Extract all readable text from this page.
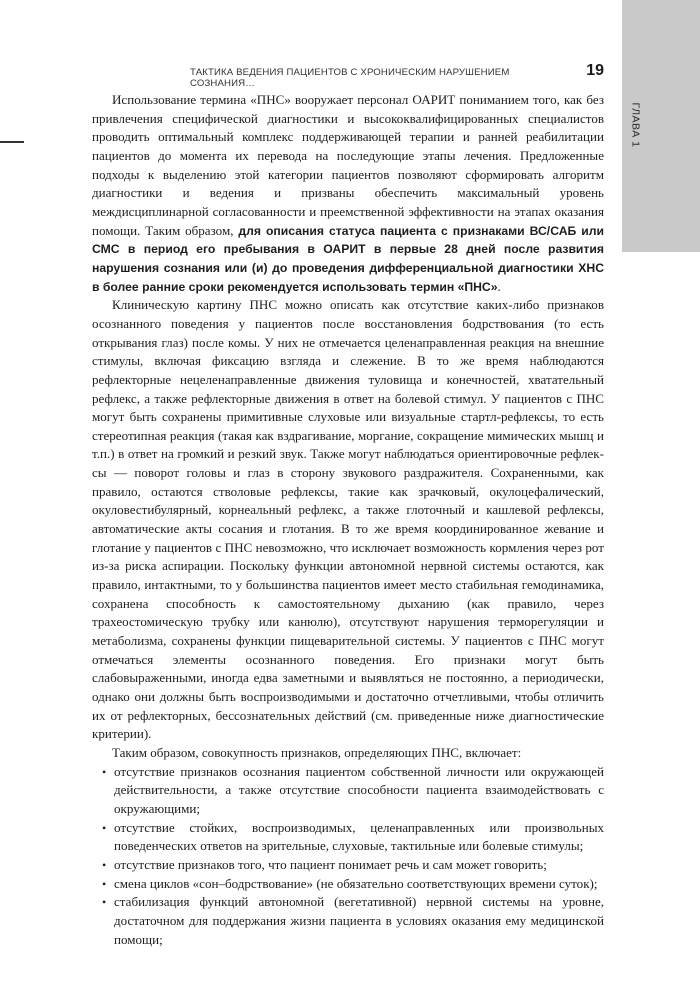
ГЛАВА 1
ТАКТИКА ВЕДЕНИЯ ПАЦИЕНТОВ С ХРОНИЧЕСКИМ НАРУШЕНИЕМ СОЗНАНИЯ…
19

Использование термина «ПНС» вооружает персонал ОАРИТ пониманием того, как без привлечения специфической диагностики и высококвалифицированных специалистов проводить оптимальный комплекс поддерживающей терапии и ранней реабилитации пациентов до момента их перевода на последующие этапы лечения. Предложенные подходы к выделению этой категории пациентов позволяют сформировать алгоритм диагностики и ведения и призваны обеспечить максимальный уровень междисциплинарной согласованности и преемственной эффективности на этапах оказания помощи. Таким образом, для описания статуса пациента с признаками ВС/САБ или СМС в период его пребывания в ОАРИТ в первые 28 дней после развития нарушения сознания или (и) до проведения дифференциальной диагностики ХНС в более ранние сроки рекомендуется использовать термин «ПНС».

Клиническую картину ПНС можно описать как отсутствие каких-либо признаков осознанного поведения у пациентов после восстановления бодрствования (то есть открывания глаз) после комы. У них не отмечается целенаправленная реакция на внешние стимулы, включая фиксацию взгляда и слежение. В то же время наблюдаются рефлекторные нецеленаправленные движения туловища и конечностей, хватательный рефлекс, а также рефлекторные движения в ответ на болевой стимул. У пациентов с ПНС могут быть сохранены примитивные слуховые или визуальные стартл-рефлексы, то есть стереотипная реакция (такая как вздрагивание, моргание, сокращение мимических мышц и т.п.) в ответ на громкий и резкий звук. Также могут наблюдаться ориентировочные рефлексы — поворот головы и глаз в сторону звукового раздражителя. Сохраненными, как правило, остаются стволовые рефлексы, такие как зрачковый, окулоцефалический, окуловестибулярный, корнеальный рефлекс, а также глоточный и кашлевой рефлексы, автоматические акты сосания и глотания. В то же время координированное жевание и глотание у пациентов с ПНС невозможно, что исключает возможность кормления через рот из-за риска аспирации. Поскольку функции автономной нервной системы остаются, как правило, интактными, то у большинства пациентов имеет место стабильная гемодинамика, сохранена способность к самостоятельному дыханию (как правило, через трахеостомическую трубку или канюлю), отсутствуют нарушения терморегуляции и метаболизма, сохранены функции пищеварительной системы. У пациентов с ПНС могут отмечаться элементы осознанного поведения. Его признаки могут быть слабовыраженными, иногда едва заметными и выявляться не постоянно, а периодически, однако они должны быть воспроизводимыми и достаточно отчетливыми, чтобы отличить их от рефлекторных, бессознательных действий (см. приведенные ниже диагностические критерии).

Таким образом, совокупность признаков, определяющих ПНС, включает:

• отсутствие признаков осознания пациентом собственной личности или окружающей действительности, а также отсутствие способности пациента взаимодействовать с окружающими;
• отсутствие стойких, воспроизводимых, целенаправленных или произвольных поведенческих ответов на зрительные, слуховые, тактильные или болевые стимулы;
• отсутствие признаков того, что пациент понимает речь и сам может говорить;
• смена циклов «сон–бодрствование» (не обязательно соответствующих времени суток);
• стабилизация функций автономной (вегетативной) нервной системы на уровне, достаточном для поддержания жизни пациента в условиях оказания ему медицинской помощи;
